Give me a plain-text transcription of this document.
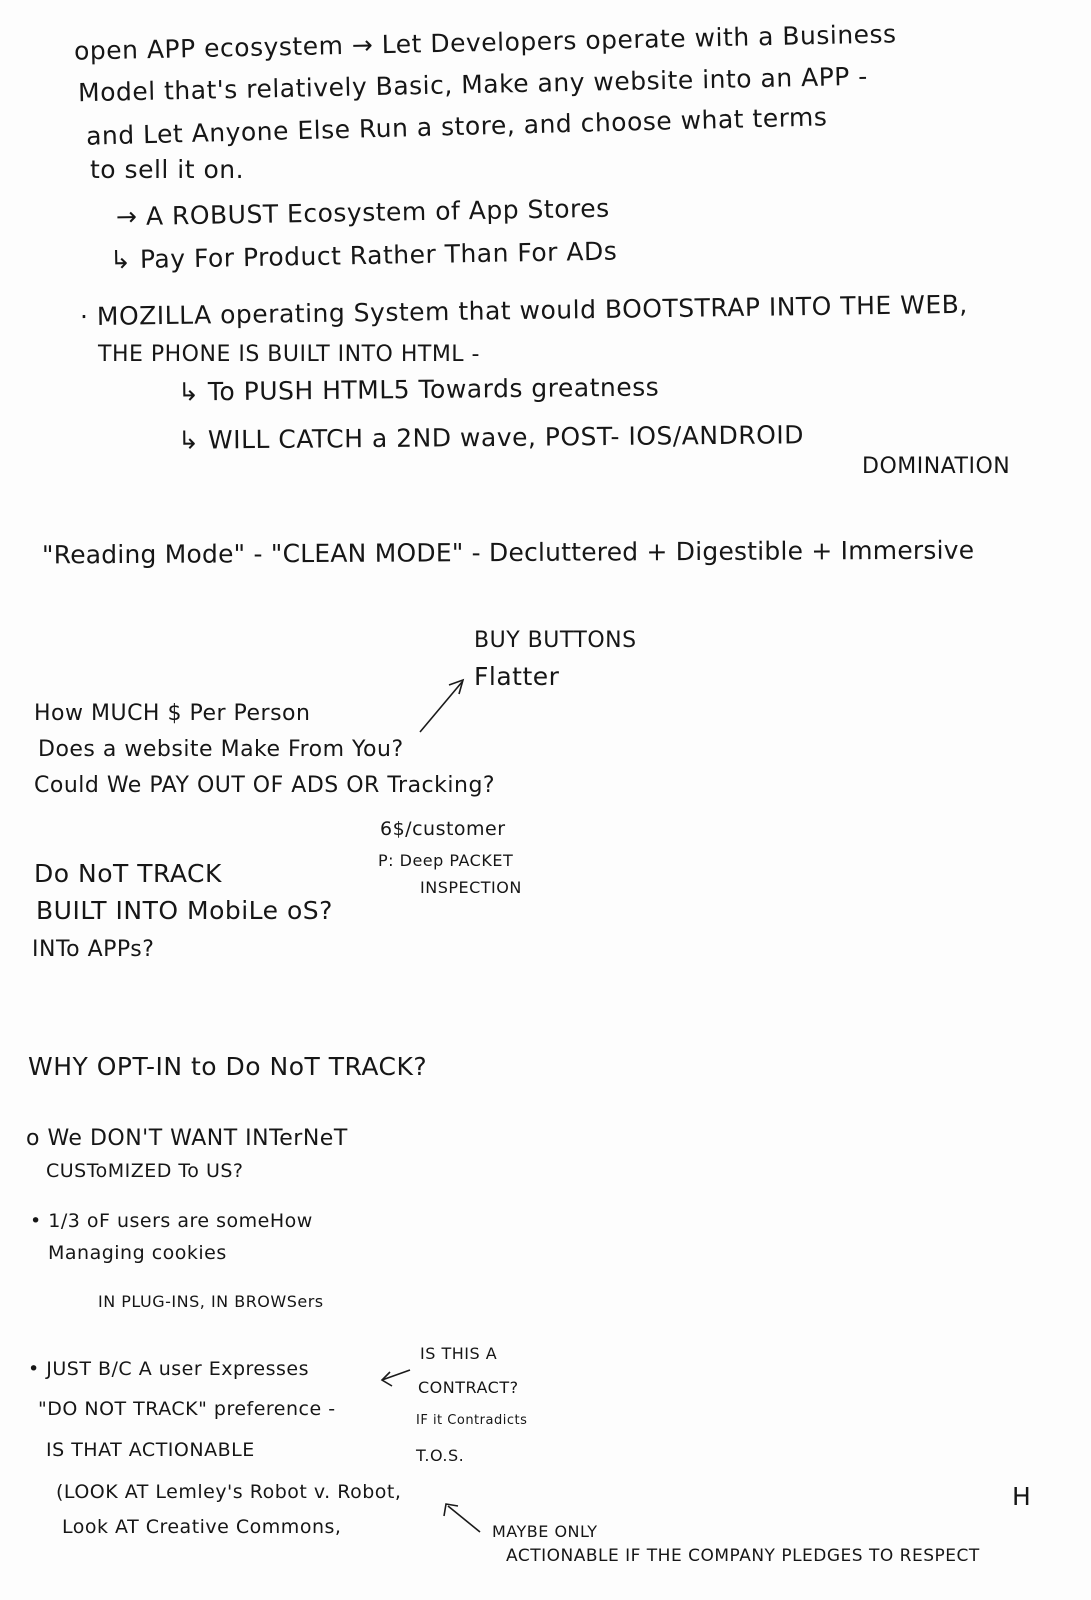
open APP ecosystem → Let Developers operate with a Business
Model that's relatively Basic, Make any website into an APP -
and Let Anyone Else Run a store, and choose what terms
to sell it on.
→ A ROBUST Ecosystem of App Stores
↳ Pay For Product Rather Than For ADs
· MOZILLA operating System that would BOOTSTRAP INTO THE WEB,
THE PHONE IS BUILT INTO HTML -
↳ To PUSH HTML5 Towards greatness
↳ WILL CATCH a 2ND wave, POST- IOS/ANDROID
DOMINATION
"Reading Mode" - "CLEAN MODE" - Decluttered + Digestible + Immersive
BUY BUTTONS
Flatter
How MUCH $ Per Person
Does a website Make From You?
Could We PAY OUT OF ADS OR Tracking?
6$/customer
P: Deep PACKET
INSPECTION
Do NoT TRACK
BUILT INTO MobiLe oS?
INTo APPs?
WHY OPT-IN to Do NoT TRACK?
o We DON'T WANT INTerNeT
CUSToMIZED To US?
• 1/3 oF users are someHow
Managing cookies
IN PLUG-INS, IN BROWSers
• JUST B/C A user Expresses
"DO NOT TRACK" preference -
IS THAT ACTIONABLE
(LOOK AT Lemley's Robot v. Robot,
Look AT Creative Commons,
IS THIS A
CONTRACT?
IF it Contradicts
T.O.S.
MAYBE ONLY
ACTIONABLE IF THE COMPANY PLEDGES TO RESPECT
H
